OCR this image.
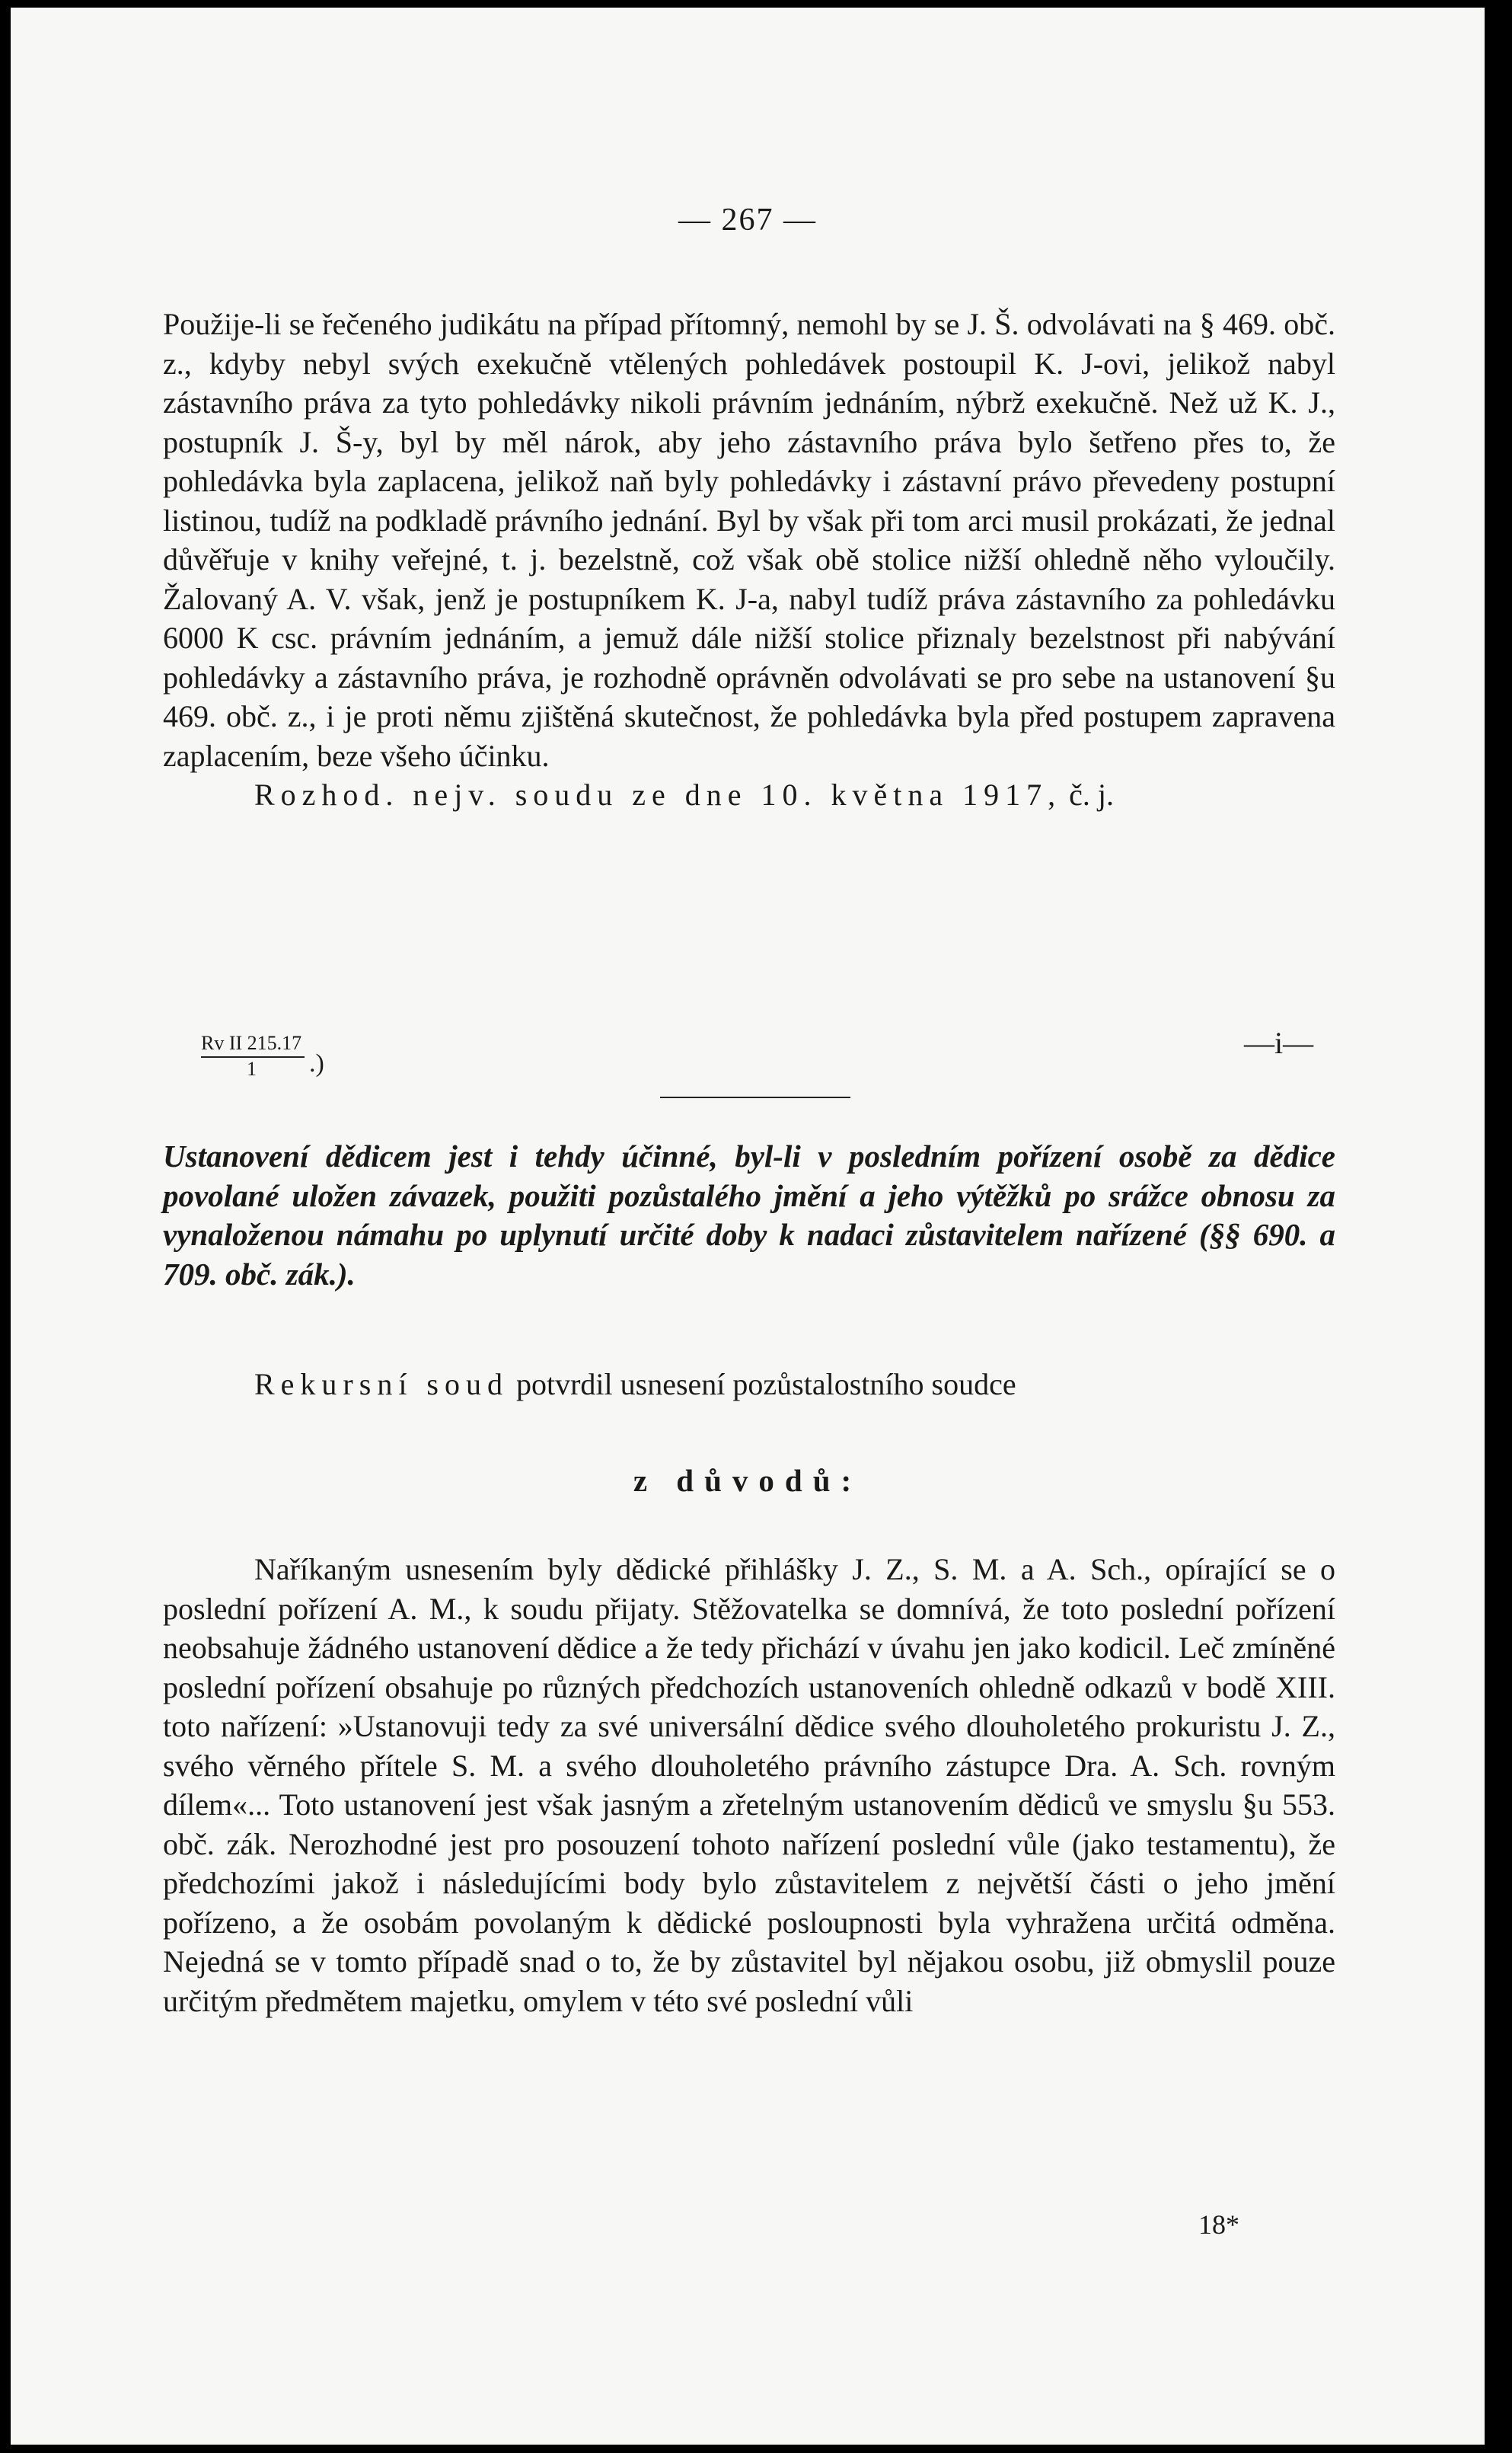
— 267 —

Použije-li se řečeného judikátu na případ přítomný, nemohl by se J. Š. odvolávati na § 469. obč. z., kdyby nebyl svých exekučně vtělených pohledávek postoupil K. J-ovi, jelikož nabyl zástavního práva za tyto pohledávky nikoli právním jednáním, nýbrž exekučně. Než už K. J., postupník J. Š-y, byl by měl nárok, aby jeho zástavního práva bylo šetřeno přes to, že pohledávka byla zaplacena, jelikož naň byly pohledávky i zástavní právo převedeny postupní listinou, tudíž na podkladě právního jednání. Byl by však při tom arci musil prokázati, že jednal důvěřuje v knihy veřejné, t. j. bezelstně, což však obě stolice nižší ohledně něho vyloučily. Žalovaný A. V. však, jenž je postupníkem K. J-a, nabyl tudíž práva zástavního za pohledávku 6000 K csc. právním jednáním, a jemuž dále nižší stolice přiznaly bezelstnost při nabývání pohledávky a zástavního práva, je rozhodně oprávněn odvolávati se pro sebe na ustanovení §u 469. obč. z., i je proti němu zjištěná skutečnost, že pohledávka byla před postupem zapravena zaplacením, beze všeho účinku.

Rozhod. nejv. soudu ze dne 10. května 1917, č. j.

$\frac{\text{Rv II 215.17}}{1}$ .)
—i—

Ustanovení dědicem jest i tehdy účinné, byl-li v posledním pořízení osobě za dědice povolané uložen závazek, použiti pozůstalého jmění a jeho výtěžků po srážce obnosu za vynaloženou námahu po uplynutí určité doby k nadaci zůstavitelem nařízené (§§ 690. a 709. obč. zák.).

Rekursní soud potvrdil usnesení pozůstalostního soudce

z důvodů:

Naříkaným usnesením byly dědické přihlášky J. Z., S. M. a A. Sch., opírající se o poslední pořízení A. M., k soudu přijaty. Stěžovatelka se domnívá, že toto poslední pořízení neobsahuje žádného ustanovení dědice a že tedy přichází v úvahu jen jako kodicil. Leč zmíněné poslední pořízení obsahuje po různých předchozích ustanoveních ohledně odkazů v bodě XIII. toto nařízení: »Ustanovuji tedy za své universální dědice svého dlouholetého prokuristu J. Z., svého věrného přítele S. M. a svého dlouholetého právního zástupce Dra. A. Sch. rovným dílem«... Toto ustanovení jest však jasným a zřetelným ustanovením dědiců ve smyslu §u 553. obč. zák. Nerozhodné jest pro posouzení tohoto nařízení poslední vůle (jako testamentu), že předchozími jakož i následujícími body bylo zůstavitelem z největší části o jeho jmění pořízeno, a že osobám povolaným k dědické posloupnosti byla vyhražena určitá odměna. Nejedná se v tomto případě snad o to, že by zůstavitel byl nějakou osobu, již obmyslil pouze určitým předmětem majetku, omylem v této své poslední vůli

18*
